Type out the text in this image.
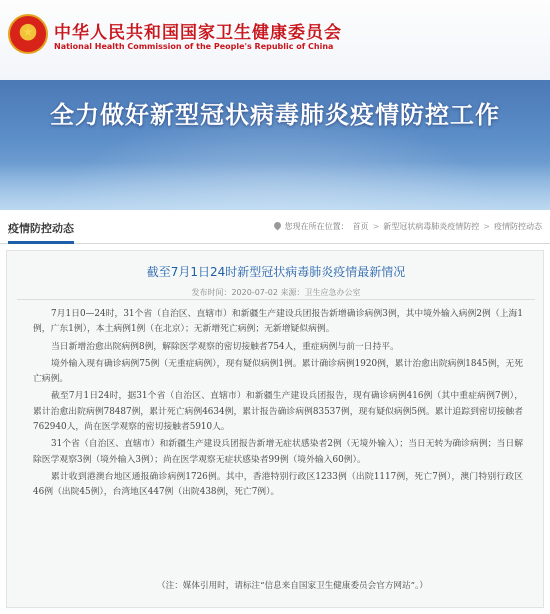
中华人民共和国国家卫生健康委员会
National Health Commission of the People's Republic of China
全力做好新型冠状病毒肺炎疫情防控工作
疫情防控动态	您现在所在位置： 首页 > 新型冠状病毒肺炎疫情防控 > 疫情防控动态
截至7月1日24时新型冠状病毒肺炎疫情最新情况
发布时间：2020-07-02 来源：卫生应急办公室

7月1日0—24时，31个省（自治区、直辖市）和新疆生产建设兵团报告新增确诊病例3例，其中境外输入病例2例（上海1例，广东1例），本土病例1例（在北京）；无新增死亡病例；无新增疑似病例。

当日新增治愈出院病例8例，解除医学观察的密切接触者754人，重症病例与前一日持平。

境外输入现有确诊病例75例（无重症病例），现有疑似病例1例。累计确诊病例1920例，累计治愈出院病例1845例，无死亡病例。

截至7月1日24时，据31个省（自治区、直辖市）和新疆生产建设兵团报告，现有确诊病例416例（其中重症病例7例），累计治愈出院病例78487例，累计死亡病例4634例，累计报告确诊病例83537例，现有疑似病例5例。累计追踪到密切接触者762940人，尚在医学观察的密切接触者5910人。

31个省（自治区、直辖市）和新疆生产建设兵团报告新增无症状感染者2例（无境外输入）；当日无转为确诊病例；当日解除医学观察3例（境外输入3例）；尚在医学观察无症状感染者99例（境外输入60例）。

累计收到港澳台地区通报确诊病例1726例。其中，香港特别行政区1233例（出院1117例，死亡7例），澳门特别行政区46例（出院45例），台湾地区447例（出院438例，死亡7例）。

（注：媒体引用时，请标注“信息来自国家卫生健康委员会官方网站”。）
